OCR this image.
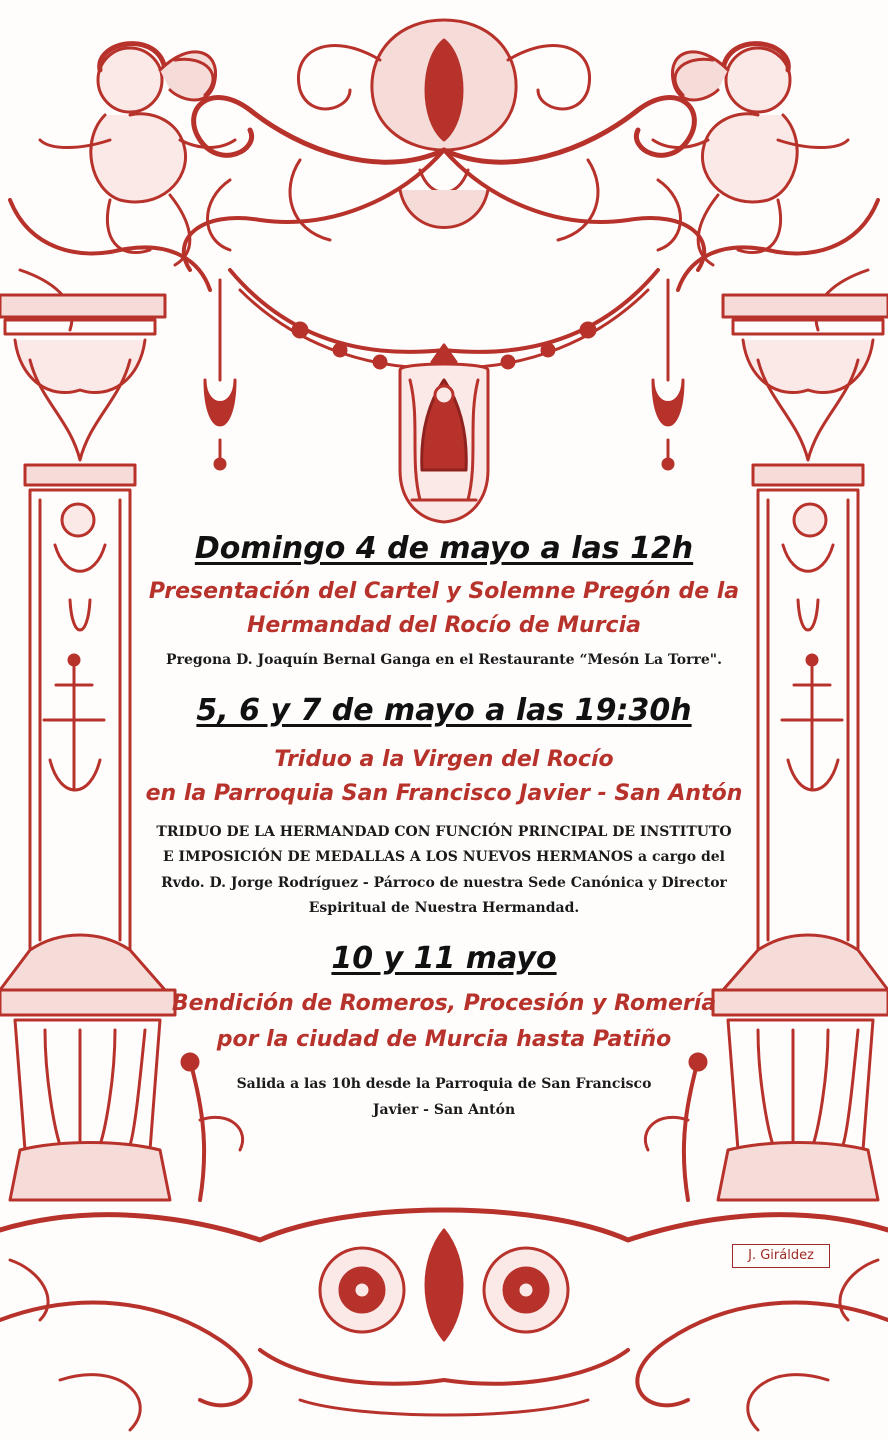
Domingo 4 de mayo a las 12h
Presentación del Cartel y Solemne Pregón de la
Hermandad del Rocío de Murcia
Pregona D. Joaquín Bernal Ganga en el Restaurante “Mesón La Torre".
5, 6 y 7 de mayo a las 19:30h
Triduo a la Virgen del Rocío
en la Parroquia San Francisco Javier - San Antón
TRIDUO DE LA HERMANDAD CON FUNCIÓN PRINCIPAL DE INSTITUTO
E IMPOSICIÓN DE MEDALLAS A LOS NUEVOS HERMANOS a cargo del
Rvdo. D. Jorge Rodríguez - Párroco de nuestra Sede Canónica y Director
Espiritual de Nuestra Hermandad.
10 y 11 mayo
Bendición de Romeros, Procesión y Romería
por la ciudad de Murcia hasta Patiño
Salida a las 10h desde la Parroquia de San Francisco
Javier - San Antón
J. Giráldez
